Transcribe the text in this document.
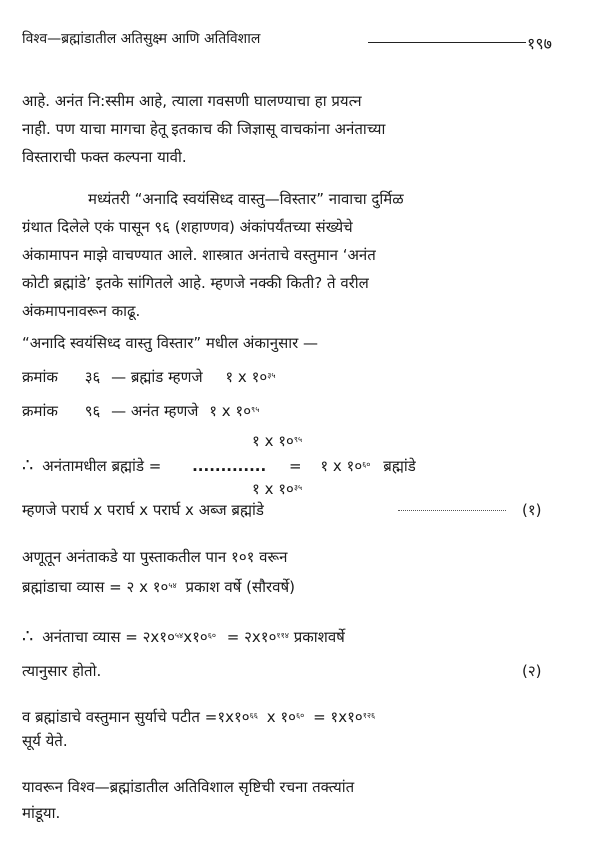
विश्व—ब्रह्मांडातील अतिसुक्ष्म आणि अतिविशाल	१९७
आहे. अनंत नि:स्सीम आहे, त्याला गवसणी घालण्याचा हा प्रयत्न
नाही. पण याचा मागचा हेतू इतकाच की जिज्ञासू वाचकांना अनंताच्या
विस्ताराची फक्त कल्पना यावी.
मध्यंतरी “अनादि स्वयंसिध्द वास्तु—विस्तार” नावाचा दुर्मिळ
ग्रंथात दिलेले एकं पासून ९६ (शहाण्णव) अंकांपर्यंतच्या संख्येचे
अंकामापन माझे वाचण्यात आले. शास्त्रात अनंताचे वस्तुमान ‘अनंत
कोटी ब्रह्मांडे’ इतके सांगितले आहे. म्हणजे नक्की किती? ते वरील
अंकमापनावरून काढू.
“अनादि स्वयंसिध्द वास्तु विस्तार” मधील अंकानुसार —
क्रमांक ३६ — ब्रह्मांड म्हणजे १ x $१०^{३५}$
क्रमांक ९६ — अनंत म्हणजे १ x $१०^{९५}$
१ x $१०^{९५}$
∴ अनंतामधील ब्रह्मांडे = ............. = १ x $१०^{६०}$ ब्रह्मांडे
१ x $१०^{३५}$
म्हणजे परार्घ x परार्घ x परार्घ x अब्ज ब्रह्मांडे	(१)
अणूतून अनंताकडे या पुस्ताकतील पान १०१ वरून
ब्रह्मांडाचा व्यास = २ x $१०^{५४}$ प्रकाश वर्षे (सौरवर्षे)
∴ अनंताचा व्यास = $२x१०^{५४}x१०^{६०}$ = $२x१०^{११४}$ प्रकाशवर्षे
त्यानुसार होतो.	(२)
व ब्रह्मांडाचे वस्तुमान सुर्याचे पटीत $=१x१०^{६६}$ x $१०^{६०}$ = $१x१०^{१२६}$
सूर्य येते.
यावरून विश्व—ब्रह्मांडातील अतिविशाल सृष्टिची रचना तक्त्यांत
मांडूया.
